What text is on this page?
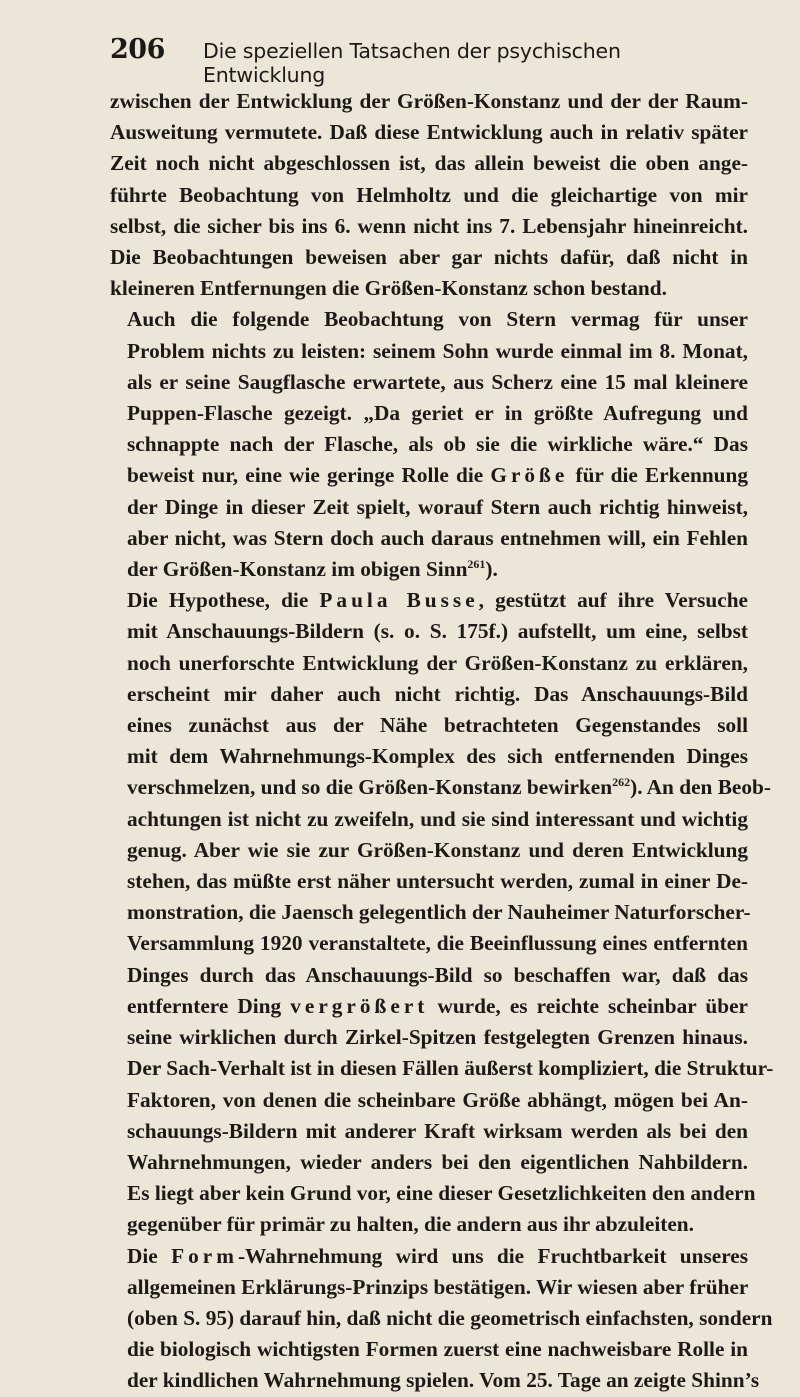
206 Die speziellen Tatsachen der psychischen Entwicklung

zwischen der Entwicklung der Größen-Konstanz und der der Raum-
Ausweitung vermutete. Daß diese Entwicklung auch in relativ später
Zeit noch nicht abgeschlossen ist, das allein beweist die oben ange-
führte Beobachtung von Helmholtz und die gleichartige von mir
selbst, die sicher bis ins 6. wenn nicht ins 7. Lebensjahr hineinreicht.
Die Beobachtungen beweisen aber gar nichts dafür, daß nicht in
kleineren Entfernungen die Größen-Konstanz schon bestand.

Auch die folgende Beobachtung von Stern vermag für unser
Problem nichts zu leisten: seinem Sohn wurde einmal im 8. Monat,
als er seine Saugflasche erwartete, aus Scherz eine 15 mal kleinere
Puppen-Flasche gezeigt. „Da geriet er in größte Aufregung und
schnappte nach der Flasche, als ob sie die wirkliche wäre.“ Das
beweist nur, eine wie geringe Rolle die Größe für die Erkennung
der Dinge in dieser Zeit spielt, worauf Stern auch richtig hinweist,
aber nicht, was Stern doch auch daraus entnehmen will, ein Fehlen
der Größen-Konstanz im obigen Sinn$^{261}$).

Die Hypothese, die Paula Busse, gestützt auf ihre Versuche
mit Anschauungs-Bildern (s. o. S. 175f.) aufstellt, um eine, selbst
noch unerforschte Entwicklung der Größen-Konstanz zu erklären,
erscheint mir daher auch nicht richtig. Das Anschauungs-Bild
eines zunächst aus der Nähe betrachteten Gegenstandes soll
mit dem Wahrnehmungs-Komplex des sich entfernenden Dinges
verschmelzen, und so die Größen-Konstanz bewirken$^{262}$). An den Beob-
achtungen ist nicht zu zweifeln, und sie sind interessant und wichtig
genug. Aber wie sie zur Größen-Konstanz und deren Entwicklung
stehen, das müßte erst näher untersucht werden, zumal in einer De-
monstration, die Jaensch gelegentlich der Nauheimer Naturforscher-
Versammlung 1920 veranstaltete, die Beeinflussung eines entfernten
Dinges durch das Anschauungs-Bild so beschaffen war, daß das
entferntere Ding vergrößert wurde, es reichte scheinbar über
seine wirklichen durch Zirkel-Spitzen festgelegten Grenzen hinaus.
Der Sach-Verhalt ist in diesen Fällen äußerst kompliziert, die Struktur-
Faktoren, von denen die scheinbare Größe abhängt, mögen bei An-
schauungs-Bildern mit anderer Kraft wirksam werden als bei den
Wahrnehmungen, wieder anders bei den eigentlichen Nahbildern.
Es liegt aber kein Grund vor, eine dieser Gesetzlichkeiten den andern
gegenüber für primär zu halten, die andern aus ihr abzuleiten.

Die Form-Wahrnehmung wird uns die Fruchtbarkeit unseres
allgemeinen Erklärungs-Prinzips bestätigen. Wir wiesen aber früher
(oben S. 95) darauf hin, daß nicht die geometrisch einfachsten, sondern
die biologisch wichtigsten Formen zuerst eine nachweisbare Rolle in
der kindlichen Wahrnehmung spielen. Vom 25. Tage an zeigte Shinn’s
